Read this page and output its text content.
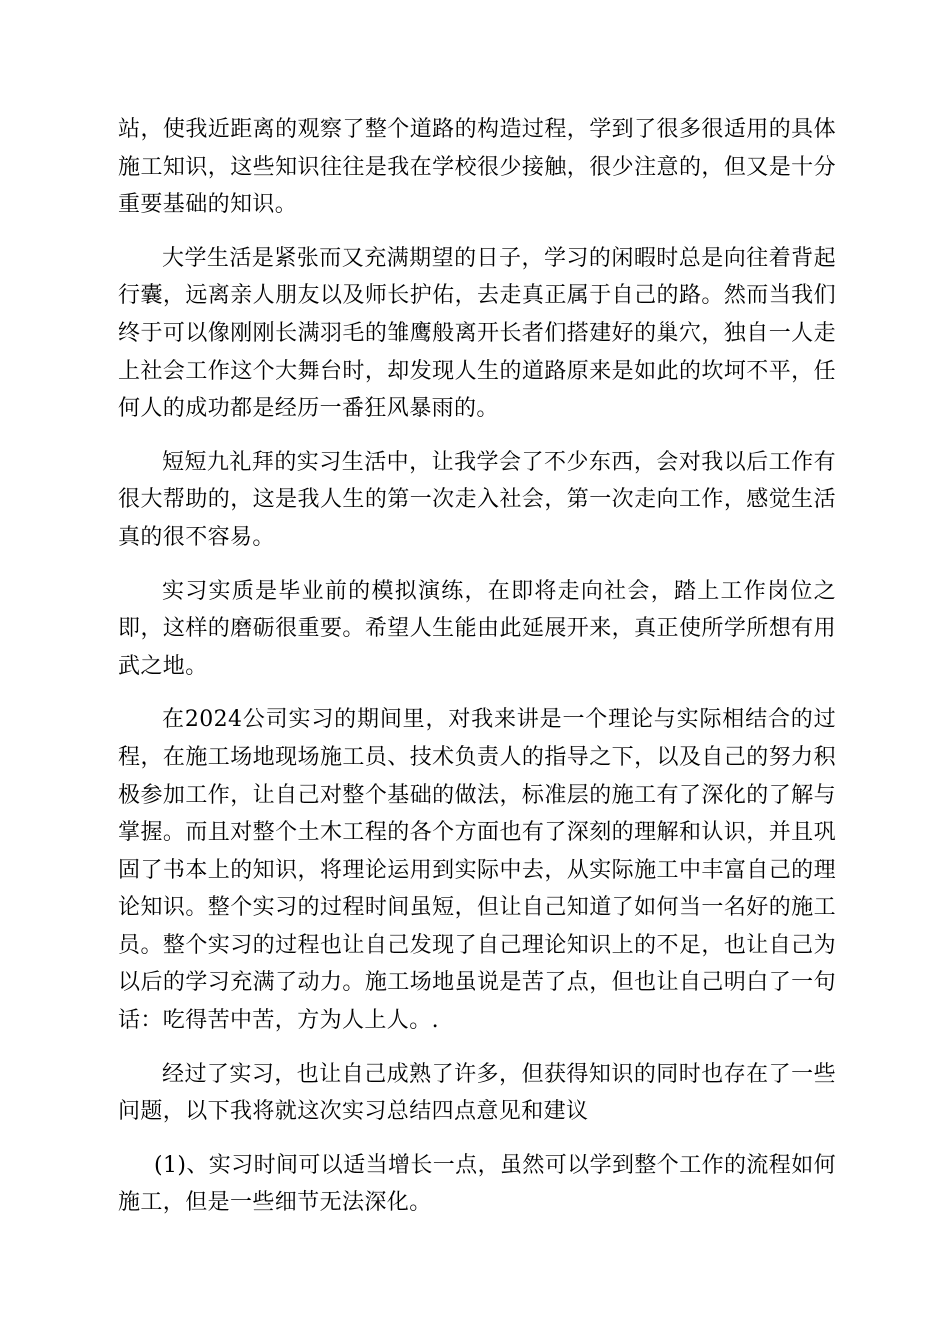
站，使我近距离的观察了整个道路的构造过程，学到了很多很适用的具体施工知识，这些知识往往是我在学校很少接触，很少注意的，但又是十分重要基础的知识。

大学生活是紧张而又充满期望的日子，学习的闲暇时总是向往着背起行囊，远离亲人朋友以及师长护佑，去走真正属于自己的路。然而当我们终于可以像刚刚长满羽毛的雏鹰般离开长者们搭建好的巢穴，独自一人走上社会工作这个大舞台时，却发现人生的道路原来是如此的坎坷不平，任何人的成功都是经历一番狂风暴雨的。

短短九礼拜的实习生活中，让我学会了不少东西，会对我以后工作有很大帮助的，这是我人生的第一次走入社会，第一次走向工作，感觉生活真的很不容易。

实习实质是毕业前的模拟演练，在即将走向社会，踏上工作岗位之即，这样的磨砺很重要。希望人生能由此延展开来，真正使所学所想有用武之地。

在2024公司实习的期间里，对我来讲是一个理论与实际相结合的过程，在施工场地现场施工员、技术负责人的指导之下，以及自己的努力积极参加工作，让自己对整个基础的做法，标准层的施工有了深化的了解与掌握。而且对整个土木工程的各个方面也有了深刻的理解和认识，并且巩固了书本上的知识，将理论运用到实际中去，从实际施工中丰富自己的理论知识。整个实习的过程时间虽短，但让自己知道了如何当一名好的施工员。整个实习的过程也让自己发现了自己理论知识上的不足，也让自己为以后的学习充满了动力。施工场地虽说是苦了点，但也让自己明白了一句话：吃得苦中苦，方为人上人。.

经过了实习，也让自己成熟了许多，但获得知识的同时也存在了一些问题，以下我将就这次实习总结四点意见和建议

(1)、实习时间可以适当增长一点，虽然可以学到整个工作的流程如何施工，但是一些细节无法深化。
